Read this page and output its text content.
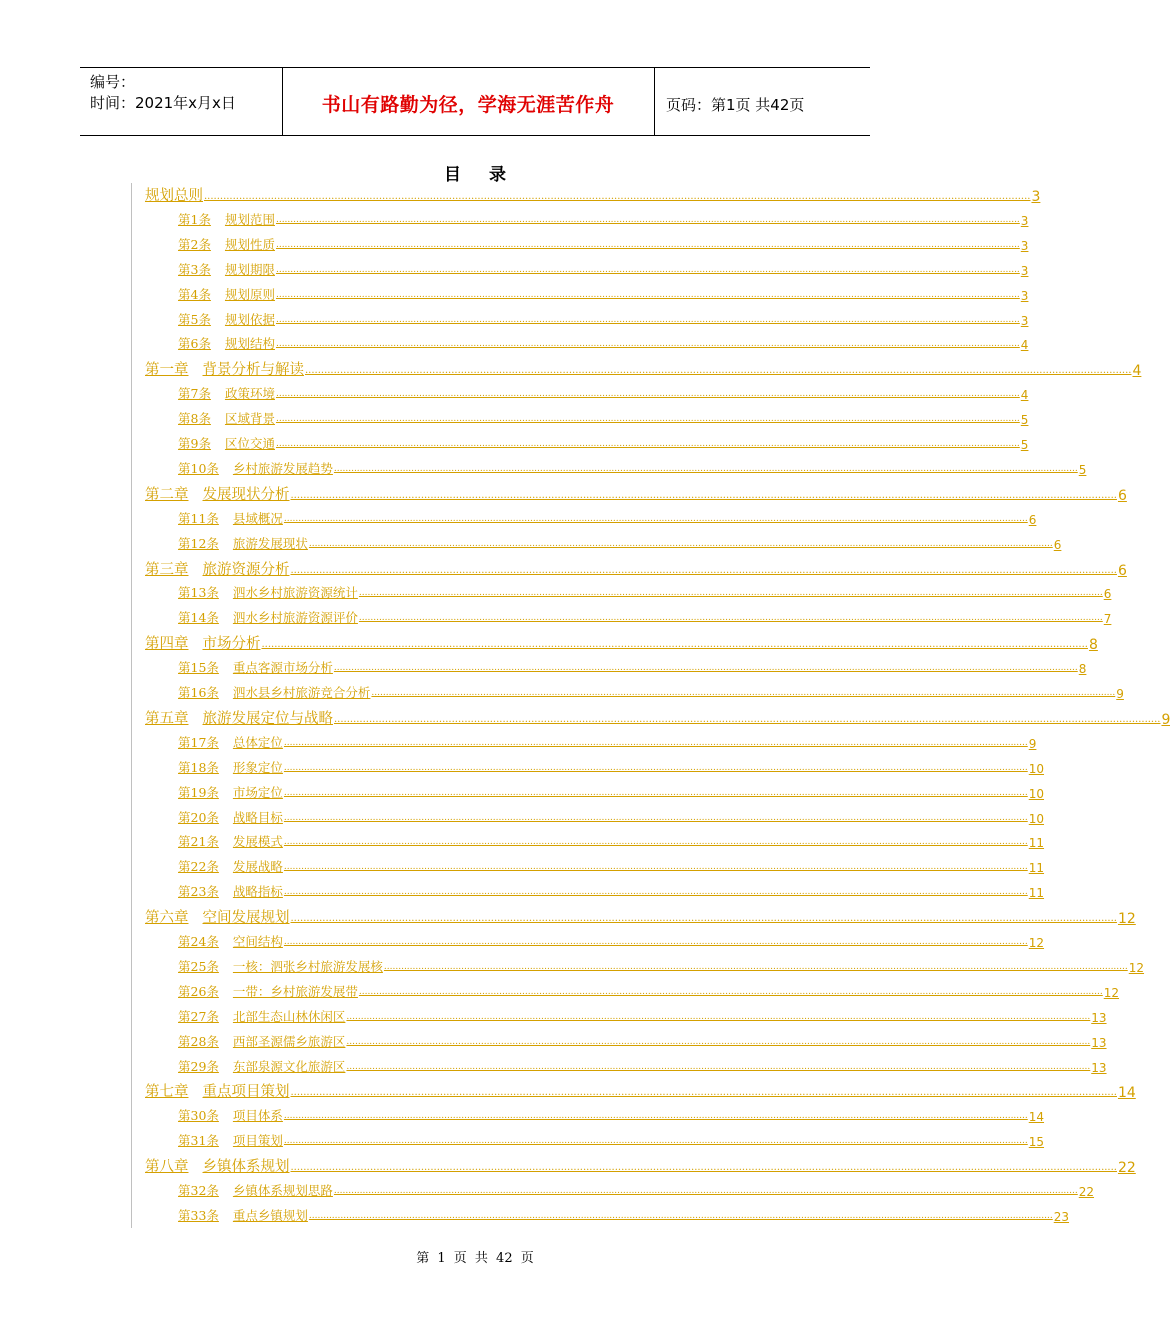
编号：
时间：2021年x月x日	书山有路勤为径，学海无涯苦作舟	页码：第1页 共42页
目录
规划总则 .................................................................................................................................................................................................................................................................... 3
第1条 规划范围 .................................................................................................................................................................................................................................................................... 3
第2条 规划性质 .................................................................................................................................................................................................................................................................... 3
第3条 规划期限 .................................................................................................................................................................................................................................................................... 3
第4条 规划原则 .................................................................................................................................................................................................................................................................... 3
第5条 规划依据 .................................................................................................................................................................................................................................................................... 3
第6条 规划结构 .................................................................................................................................................................................................................................................................... 4
第一章 背景分析与解读 .................................................................................................................................................................................................................................................................... 4
第7条 政策环境 .................................................................................................................................................................................................................................................................... 4
第8条 区域背景 .................................................................................................................................................................................................................................................................... 5
第9条 区位交通 .................................................................................................................................................................................................................................................................... 5
第10条 乡村旅游发展趋势 .................................................................................................................................................................................................................................................................... 5
第二章 发展现状分析 .................................................................................................................................................................................................................................................................... 6
第11条 县域概况 .................................................................................................................................................................................................................................................................... 6
第12条 旅游发展现状 .................................................................................................................................................................................................................................................................... 6
第三章 旅游资源分析 .................................................................................................................................................................................................................................................................... 6
第13条 泗水乡村旅游资源统计 .................................................................................................................................................................................................................................................................... 6
第14条 泗水乡村旅游资源评价 .................................................................................................................................................................................................................................................................... 7
第四章 市场分析 .................................................................................................................................................................................................................................................................... 8
第15条 重点客源市场分析 .................................................................................................................................................................................................................................................................... 8
第16条 泗水县乡村旅游竞合分析 .................................................................................................................................................................................................................................................................... 9
第五章 旅游发展定位与战略 .................................................................................................................................................................................................................................................................... 9
第17条 总体定位 .................................................................................................................................................................................................................................................................... 9
第18条 形象定位 .................................................................................................................................................................................................................................................................... 10
第19条 市场定位 .................................................................................................................................................................................................................................................................... 10
第20条 战略目标 .................................................................................................................................................................................................................................................................... 10
第21条 发展模式 .................................................................................................................................................................................................................................................................... 11
第22条 发展战略 .................................................................................................................................................................................................................................................................... 11
第23条 战略指标 .................................................................................................................................................................................................................................................................... 11
第六章 空间发展规划 .................................................................................................................................................................................................................................................................... 12
第24条 空间结构 .................................................................................................................................................................................................................................................................... 12
第25条 一核：泗张乡村旅游发展核 .................................................................................................................................................................................................................................................................... 12
第26条 一带：乡村旅游发展带 .................................................................................................................................................................................................................................................................... 12
第27条 北部生态山林休闲区 .................................................................................................................................................................................................................................................................... 13
第28条 西部圣源儒乡旅游区 .................................................................................................................................................................................................................................................................... 13
第29条 东部泉源文化旅游区 .................................................................................................................................................................................................................................................................... 13
第七章 重点项目策划 .................................................................................................................................................................................................................................................................... 14
第30条 项目体系 .................................................................................................................................................................................................................................................................... 14
第31条 项目策划 .................................................................................................................................................................................................................................................................... 15
第八章 乡镇体系规划 .................................................................................................................................................................................................................................................................... 22
第32条 乡镇体系规划思路 .................................................................................................................................................................................................................................................................... 22
第33条 重点乡镇规划 .................................................................................................................................................................................................................................................................... 23
第 1 页 共 42 页
